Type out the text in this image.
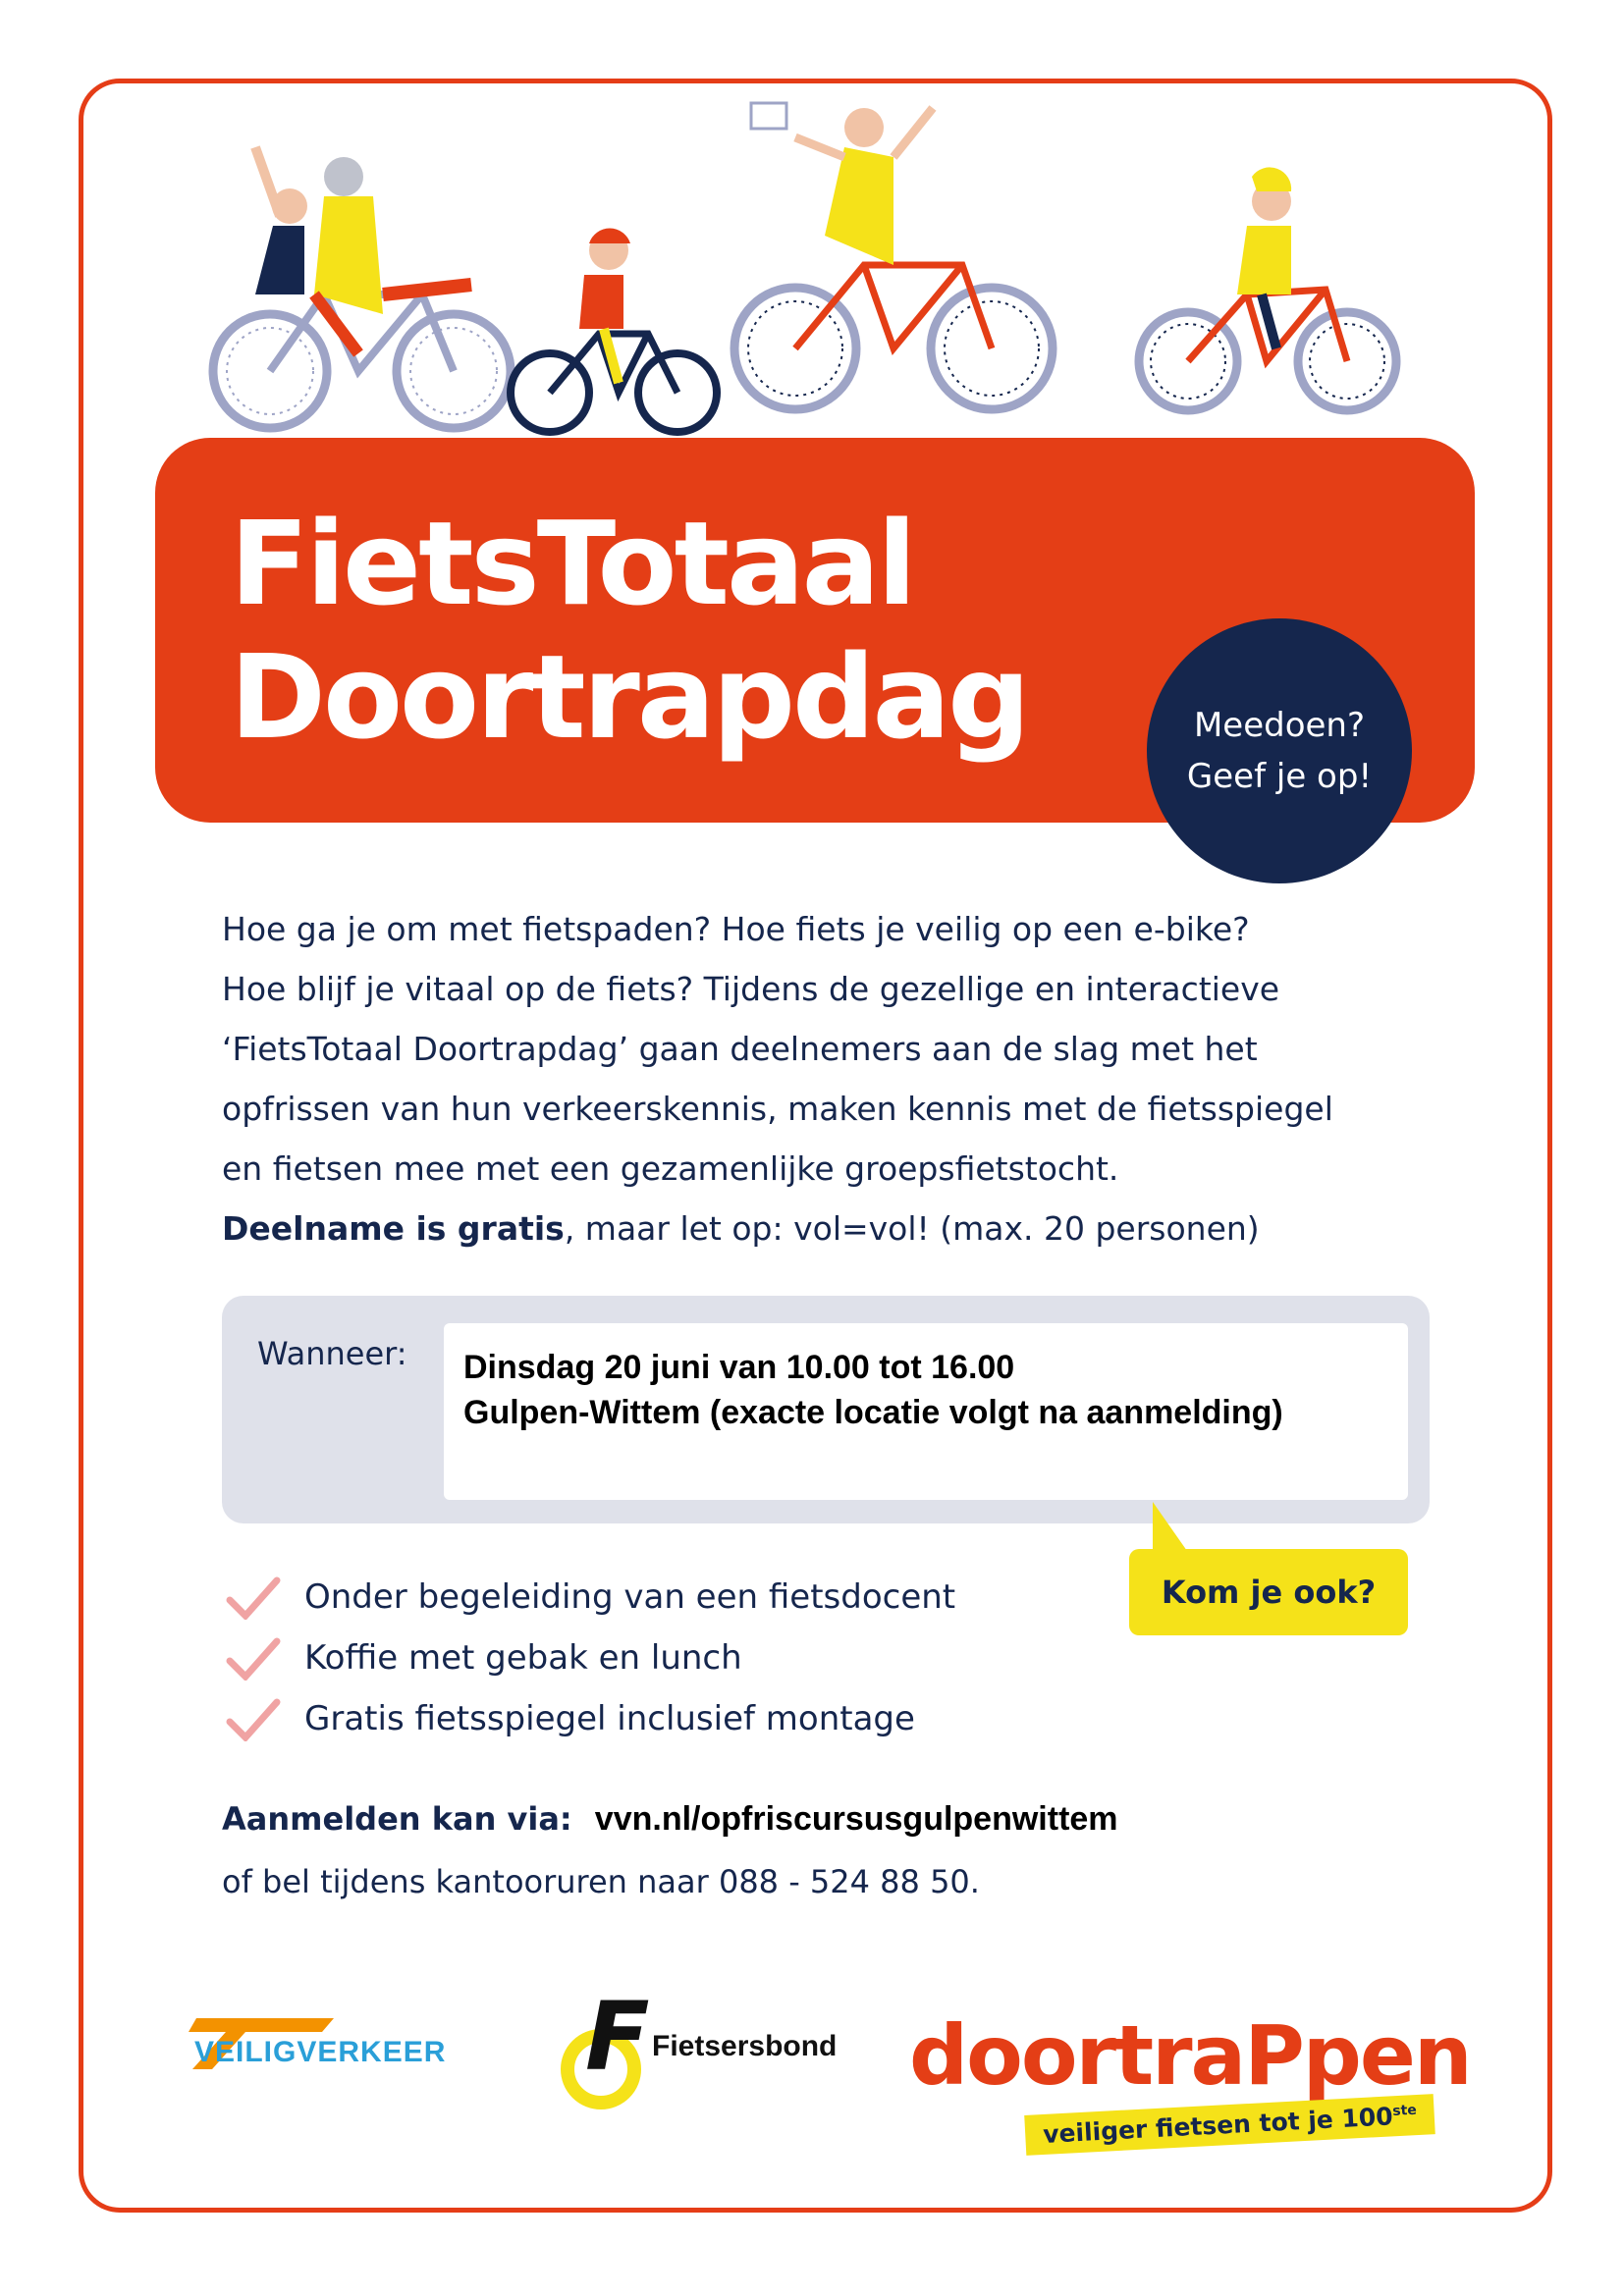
FietsTotaal
Doortrapdag	Meedoen?
Geef je op!

Hoe ga je om met fietspaden? Hoe fiets je veilig op een e-bike?

Hoe blijf je vitaal op de fiets? Tijdens de gezellige en interactieve

‘FietsTotaal Doortrapdag’ gaan deelnemers aan de slag met het

opfrissen van hun verkeerskennis, maken kennis met de fietsspiegel

en fietsen mee met een gezamenlijke groepsfietstocht.

Deelname is gratis, maar let op: vol=vol! (max. 20 personen)

Wanneer: Dinsdag 20 juni van 10.00 tot 16.00
Gulpen-Wittem (exacte locatie volgt na aanmelding)
Kom je ook?
Onder begeleiding van een fietsdocent
Koffie met gebak en lunch
Gratis fietsspiegel inclusief montage
Aanmelden kan via: vvn.nl/opfriscursusgulpenwittem
of bel tijdens kantooruren naar 088 - 524 88 50.
VEILIGVERKEER F Fietsersbond doortraPpen
veiliger fietsen tot je 100ste
